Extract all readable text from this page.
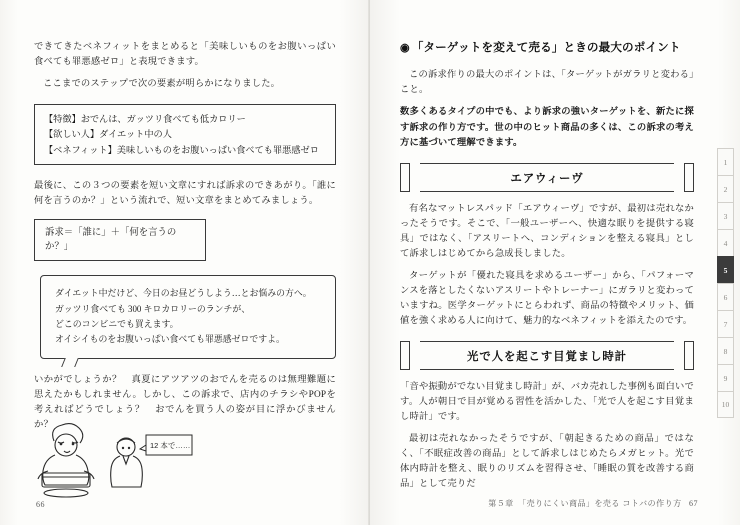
できてきたベネフィットをまとめると「美味しいものをお腹いっぱい食べても罪悪感ゼロ」と表現できます。

ここまでのステップで次の要素が明らかになりました。

【特徴】おでんは、ガッツリ食べても低カロリー
【欲しい人】ダイエット中の人
【ベネフィット】美味しいものをお腹いっぱい食べても罪悪感ゼロ

最後に、この３つの要素を短い文章にすれば訴求のできあがり。「誰に何を言うのか？」という流れで、短い文章をまとめてみましょう。

訴求＝「誰に」＋「何を言うのか？」
ダイエット中だけど、今日のお昼どうしよう…とお悩みの方へ。
ガッツリ食べても 300 キロカロリーのランチが、
どこのコンビニでも買えます。
オイシイものをお腹いっぱい食べても罪悪感ゼロですよ。

いかがでしょうか？　真夏にアツアツのおでんを売るのは無理難題に思えたかもしれません。しかし、この訴求で、店内のチラシやPOPを考えればどうでしょう？　おでんを買う人の姿が目に浮かびませんか？

12 本で……
66
◉ 「ターゲットを変えて売る」ときの最大のポイント

この訴求作りの最大のポイントは、「ターゲットがガラリと変わる」こと。

数多くあるタイプの中でも、より訴求の強いターゲットを、新たに探す訴求の作り方です。世の中のヒット商品の多くは、この訴求の考え方に基づいて理解できます。

エアウィーヴ

有名なマットレスパッド「エアウィーヴ」ですが、最初は売れなかったそうです。そこで、「一般ユーザーへ、快適な眠りを提供する寝具」ではなく、「アスリートへ、コンディションを整える寝具」として訴求しはじめてから急成長しました。

ターゲットが「優れた寝具を求めるユーザー」から、「パフォーマンスを落としたくないアスリートやトレーナー」にガラリと変わっていますね。医学ターゲットにとらわれず、商品の特徴やメリット、価値を強く求める人に向けて、魅力的なベネフィットを添えたのです。

光で人を起こす目覚まし時計

「音や振動がでない目覚まし時計」が、バカ売れした事例も面白いです。人が朝日で目が覚める習性を活かした、「光で人を起こす目覚まし時計」です。

最初は売れなかったそうですが、「朝起きるための商品」ではなく、「不眠症改善の商品」として訴求しはじめたらメガヒット。光で体内時計を整え、眠りのリズムを習得させ、「睡眠の質を改善する商品」として売りだ

1
2
3
4
5
6
7
8
9
10
第５章　「売りにくい商品」を売る コトバの作り方 67
